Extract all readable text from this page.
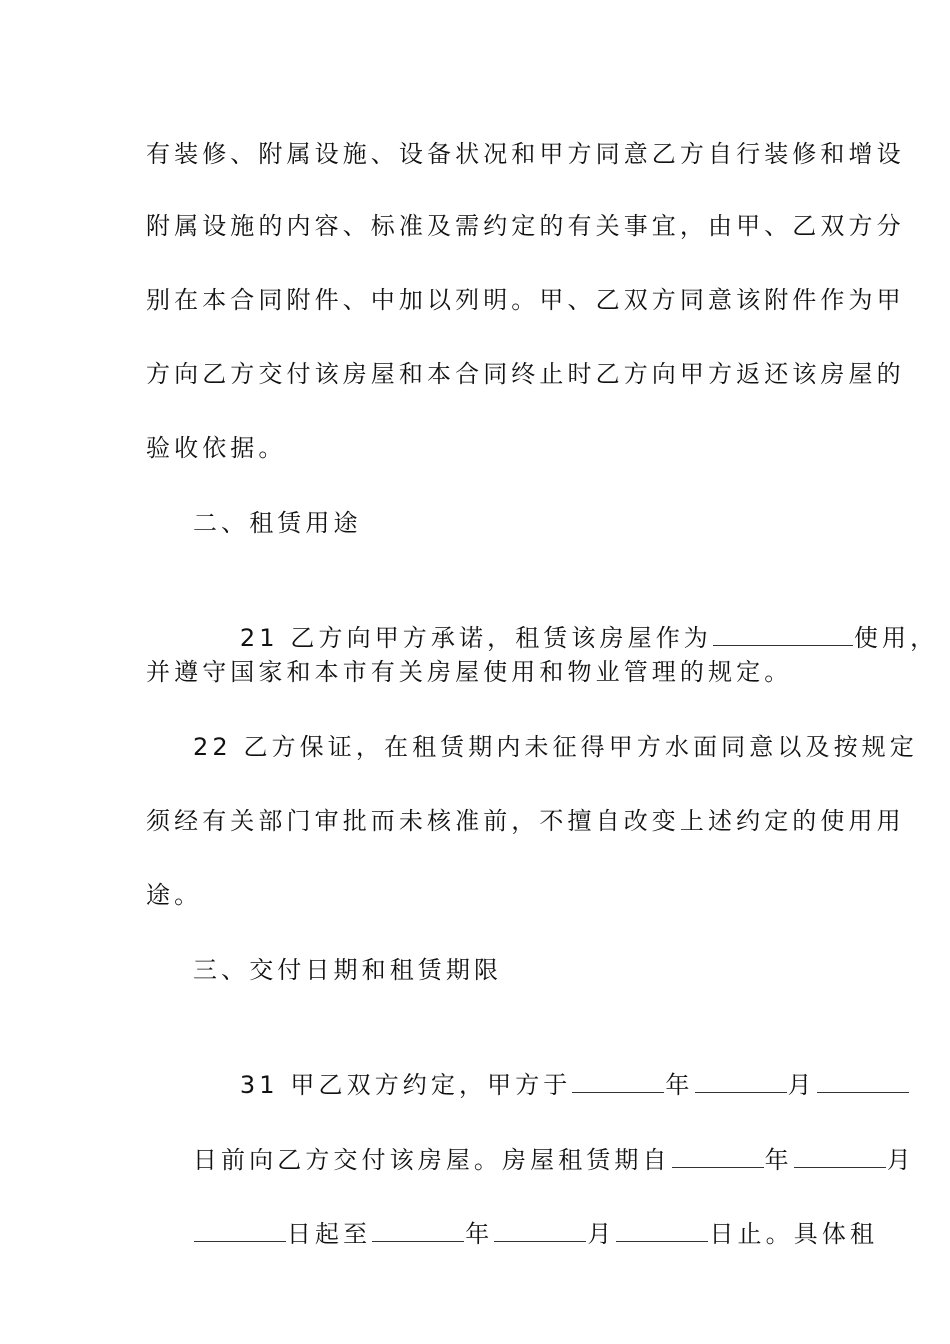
有装修、附属设施、设备状况和甲方同意乙方自行装修和增设
附属设施的内容、标准及需约定的有关事宜，由甲、乙双方分
别在本合同附件、中加以列明。甲、乙双方同意该附件作为甲
方向乙方交付该房屋和本合同终止时乙方向甲方返还该房屋的
验收依据。
二、租赁用途

21 乙方向甲方承诺，租赁该房屋作为	使用，

并遵守国家和本市有关房屋使用和物业管理的规定。
22 乙方保证，在租赁期内未征得甲方水面同意以及按规定
须经有关部门审批而未核准前，不擅自改变上述约定的使用用
途。
三、交付日期和租赁期限

31 甲乙双方约定，甲方于	年	月

日前向乙方交付该房屋。房屋租赁期自	年	月

日起至	年	月	日止。具体租
